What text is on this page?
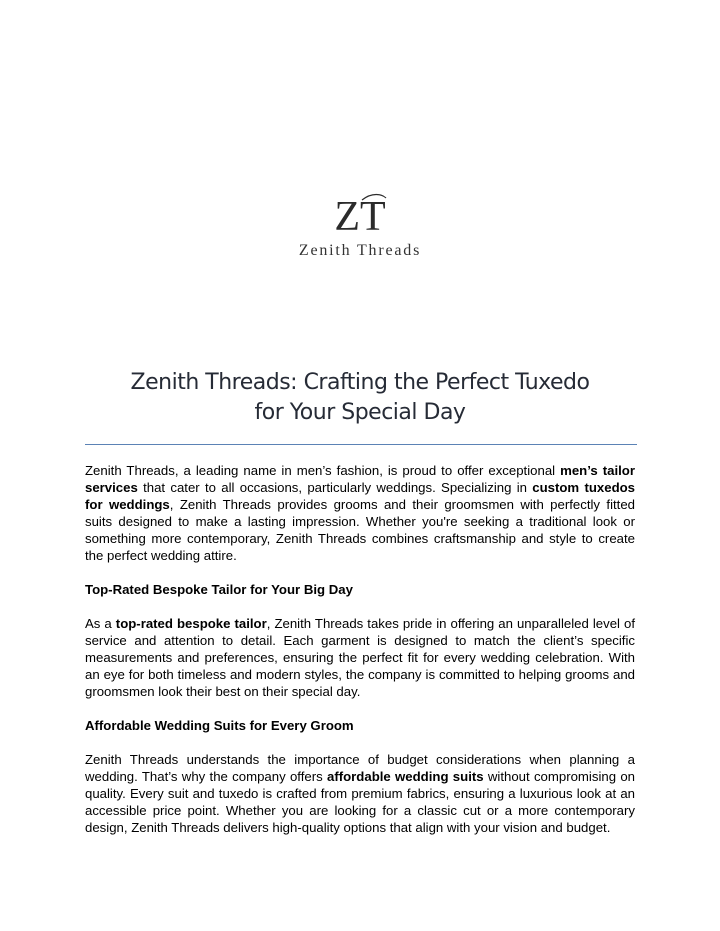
ZT
Zenith Threads
Zenith Threads: Crafting the Perfect Tuxedo
for Your Special Day

Zenith Threads, a leading name in men’s fashion, is proud to offer exceptional men’s tailor services that cater to all occasions, particularly weddings. Specializing in custom tuxedos for weddings, Zenith Threads provides grooms and their groomsmen with perfectly fitted suits designed to make a lasting impression. Whether you're seeking a traditional look or something more contemporary, Zenith Threads combines craftsmanship and style to create the perfect wedding attire.

Top-Rated Bespoke Tailor for Your Big Day

As a top-rated bespoke tailor, Zenith Threads takes pride in offering an unparalleled level of service and attention to detail. Each garment is designed to match the client’s specific measurements and preferences, ensuring the perfect fit for every wedding celebration. With an eye for both timeless and modern styles, the company is committed to helping grooms and groomsmen look their best on their special day.

Affordable Wedding Suits for Every Groom

Zenith Threads understands the importance of budget considerations when planning a wedding. That’s why the company offers affordable wedding suits without compromising on quality. Every suit and tuxedo is crafted from premium fabrics, ensuring a luxurious look at an accessible price point. Whether you are looking for a classic cut or a more contemporary design, Zenith Threads delivers high-quality options that align with your vision and budget.
